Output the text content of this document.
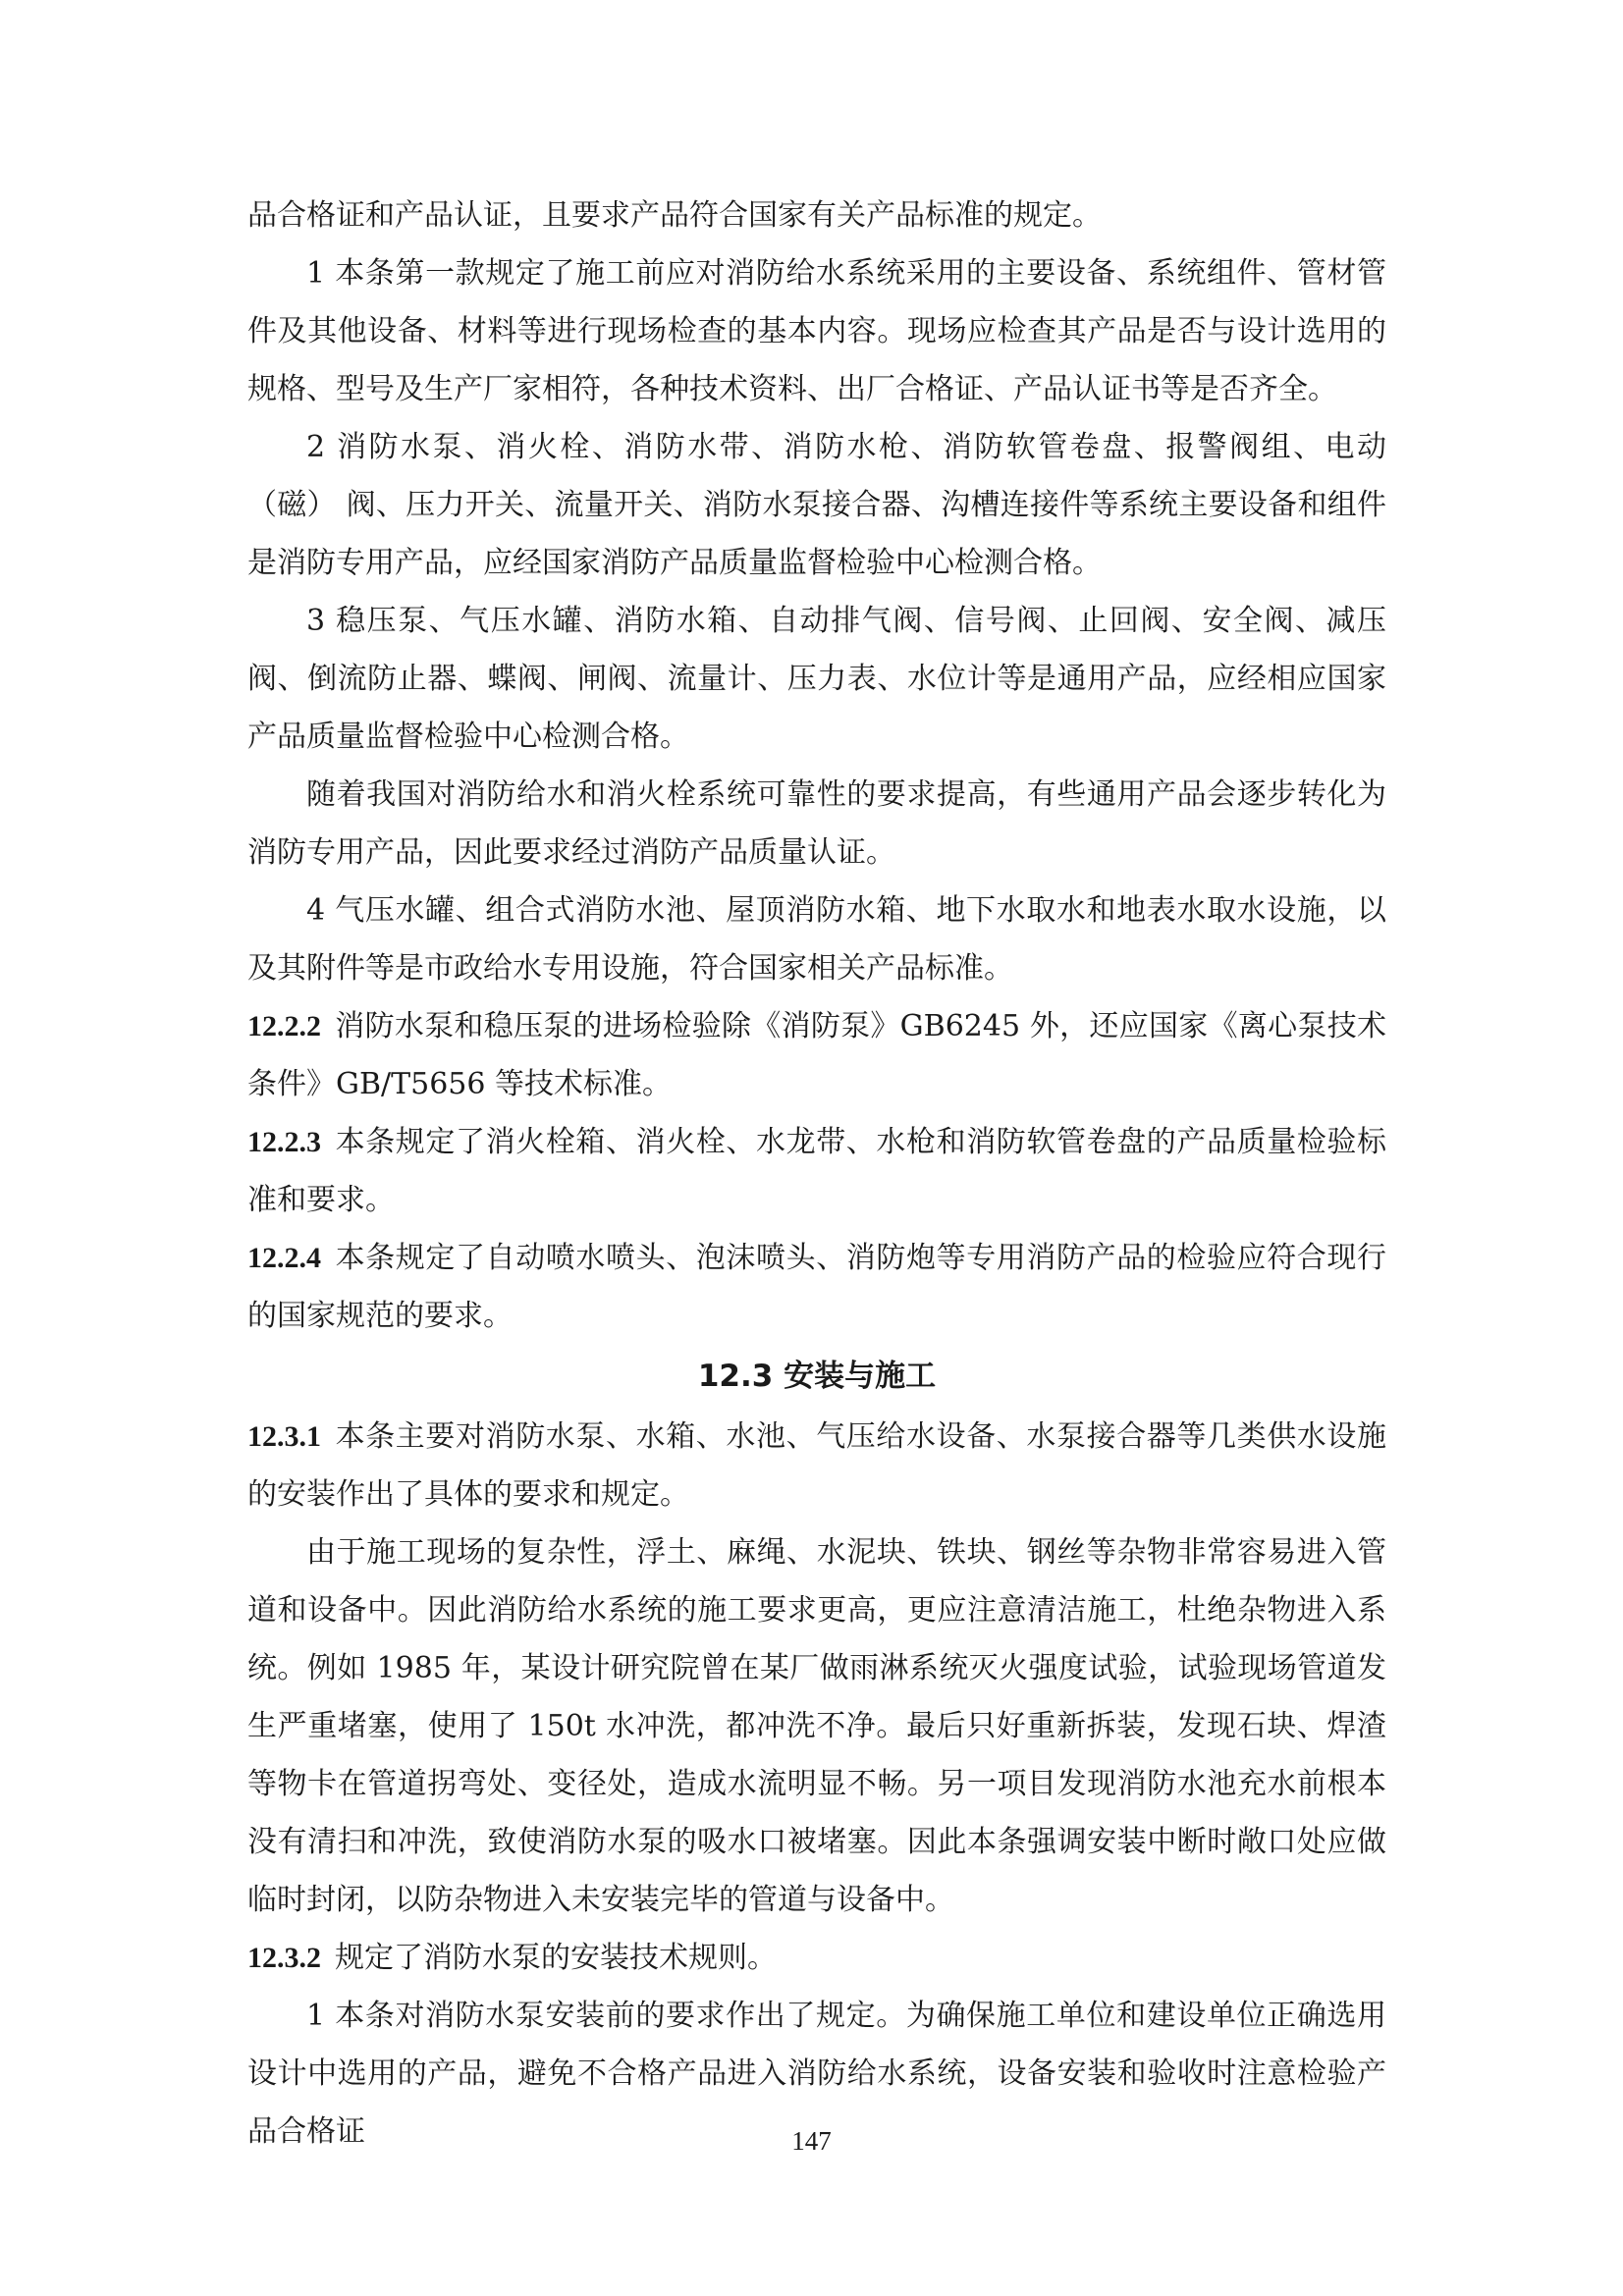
品合格证和产品认证，且要求产品符合国家有关产品标准的规定。

1 本条第一款规定了施工前应对消防给水系统采用的主要设备、系统组件、管材管件及其他设备、材料等进行现场检查的基本内容。现场应检查其产品是否与设计选用的规格、型号及生产厂家相符，各种技术资料、出厂合格证、产品认证书等是否齐全。

2 消防水泵、消火栓、消防水带、消防水枪、消防软管卷盘、报警阀组、电动（磁） 阀、压力开关、流量开关、消防水泵接合器、沟槽连接件等系统主要设备和组件是消防专用产品，应经国家消防产品质量监督检验中心检测合格。

3 稳压泵、气压水罐、消防水箱、自动排气阀、信号阀、止回阀、安全阀、减压阀、倒流防止器、蝶阀、闸阀、流量计、压力表、水位计等是通用产品，应经相应国家产品质量监督检验中心检测合格。

随着我国对消防给水和消火栓系统可靠性的要求提高，有些通用产品会逐步转化为消防专用产品，因此要求经过消防产品质量认证。

4 气压水罐、组合式消防水池、屋顶消防水箱、地下水取水和地表水取水设施，以及其附件等是市政给水专用设施，符合国家相关产品标准。

12.2.2 消防水泵和稳压泵的进场检验除《消防泵》GB6245 外，还应国家《离心泵技术条件》GB/T5656 等技术标准。

12.2.3 本条规定了消火栓箱、消火栓、水龙带、水枪和消防软管卷盘的产品质量检验标准和要求。

12.2.4 本条规定了自动喷水喷头、泡沫喷头、消防炮等专用消防产品的检验应符合现行的国家规范的要求。

12.3 安装与施工

12.3.1 本条主要对消防水泵、水箱、水池、气压给水设备、水泵接合器等几类供水设施的安装作出了具体的要求和规定。

由于施工现场的复杂性，浮土、麻绳、水泥块、铁块、钢丝等杂物非常容易进入管道和设备中。因此消防给水系统的施工要求更高，更应注意清洁施工，杜绝杂物进入系统。例如 1985 年，某设计研究院曾在某厂做雨淋系统灭火强度试验，试验现场管道发生严重堵塞，使用了 150t 水冲洗，都冲洗不净。最后只好重新拆装，发现石块、焊渣等物卡在管道拐弯处、变径处，造成水流明显不畅。另一项目发现消防水池充水前根本没有清扫和冲洗，致使消防水泵的吸水口被堵塞。因此本条强调安装中断时敞口处应做临时封闭，以防杂物进入未安装完毕的管道与设备中。

12.3.2 规定了消防水泵的安装技术规则。

1 本条对消防水泵安装前的要求作出了规定。为确保施工单位和建设单位正确选用设计中选用的产品，避免不合格产品进入消防给水系统，设备安装和验收时注意检验产品合格证	147
